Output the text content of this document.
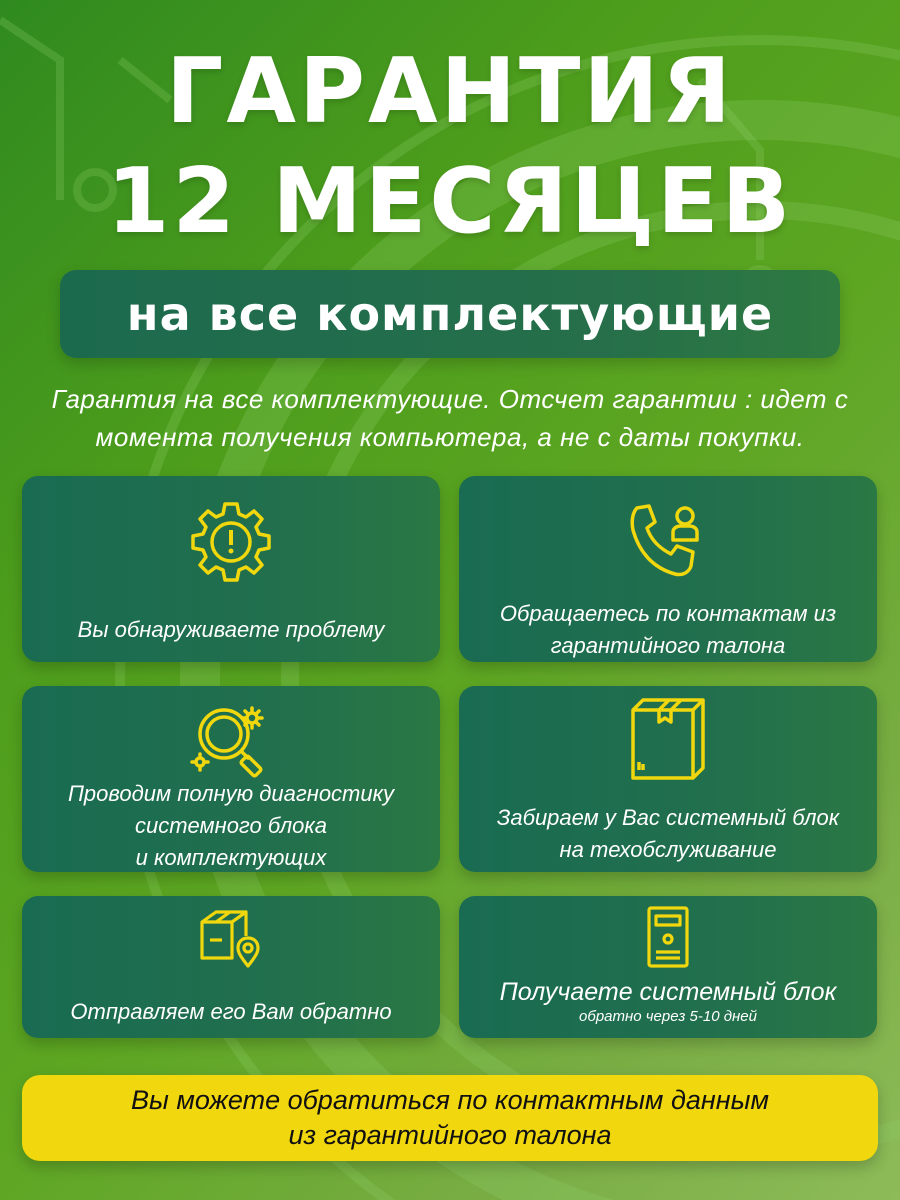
ГАРАНТИЯ
12 МЕСЯЦЕВ
на все комплектующие
Гарантия на все комплектующие. Отсчет гарантии : идет с
момента получения компьютера, а не с даты покупки.
Вы обнаруживаете проблему
Обращаетесь по контактам из
гарантийного талона
Проводим полную диагностику
системного блока
и комплектующих
Забираем у Вас системный блок
на техобслуживание
Отправляем его Вам обратно
Получаете системный блок
обратно через 5-10 дней
Вы можете обратиться по контактным данным
из гарантийного талона
